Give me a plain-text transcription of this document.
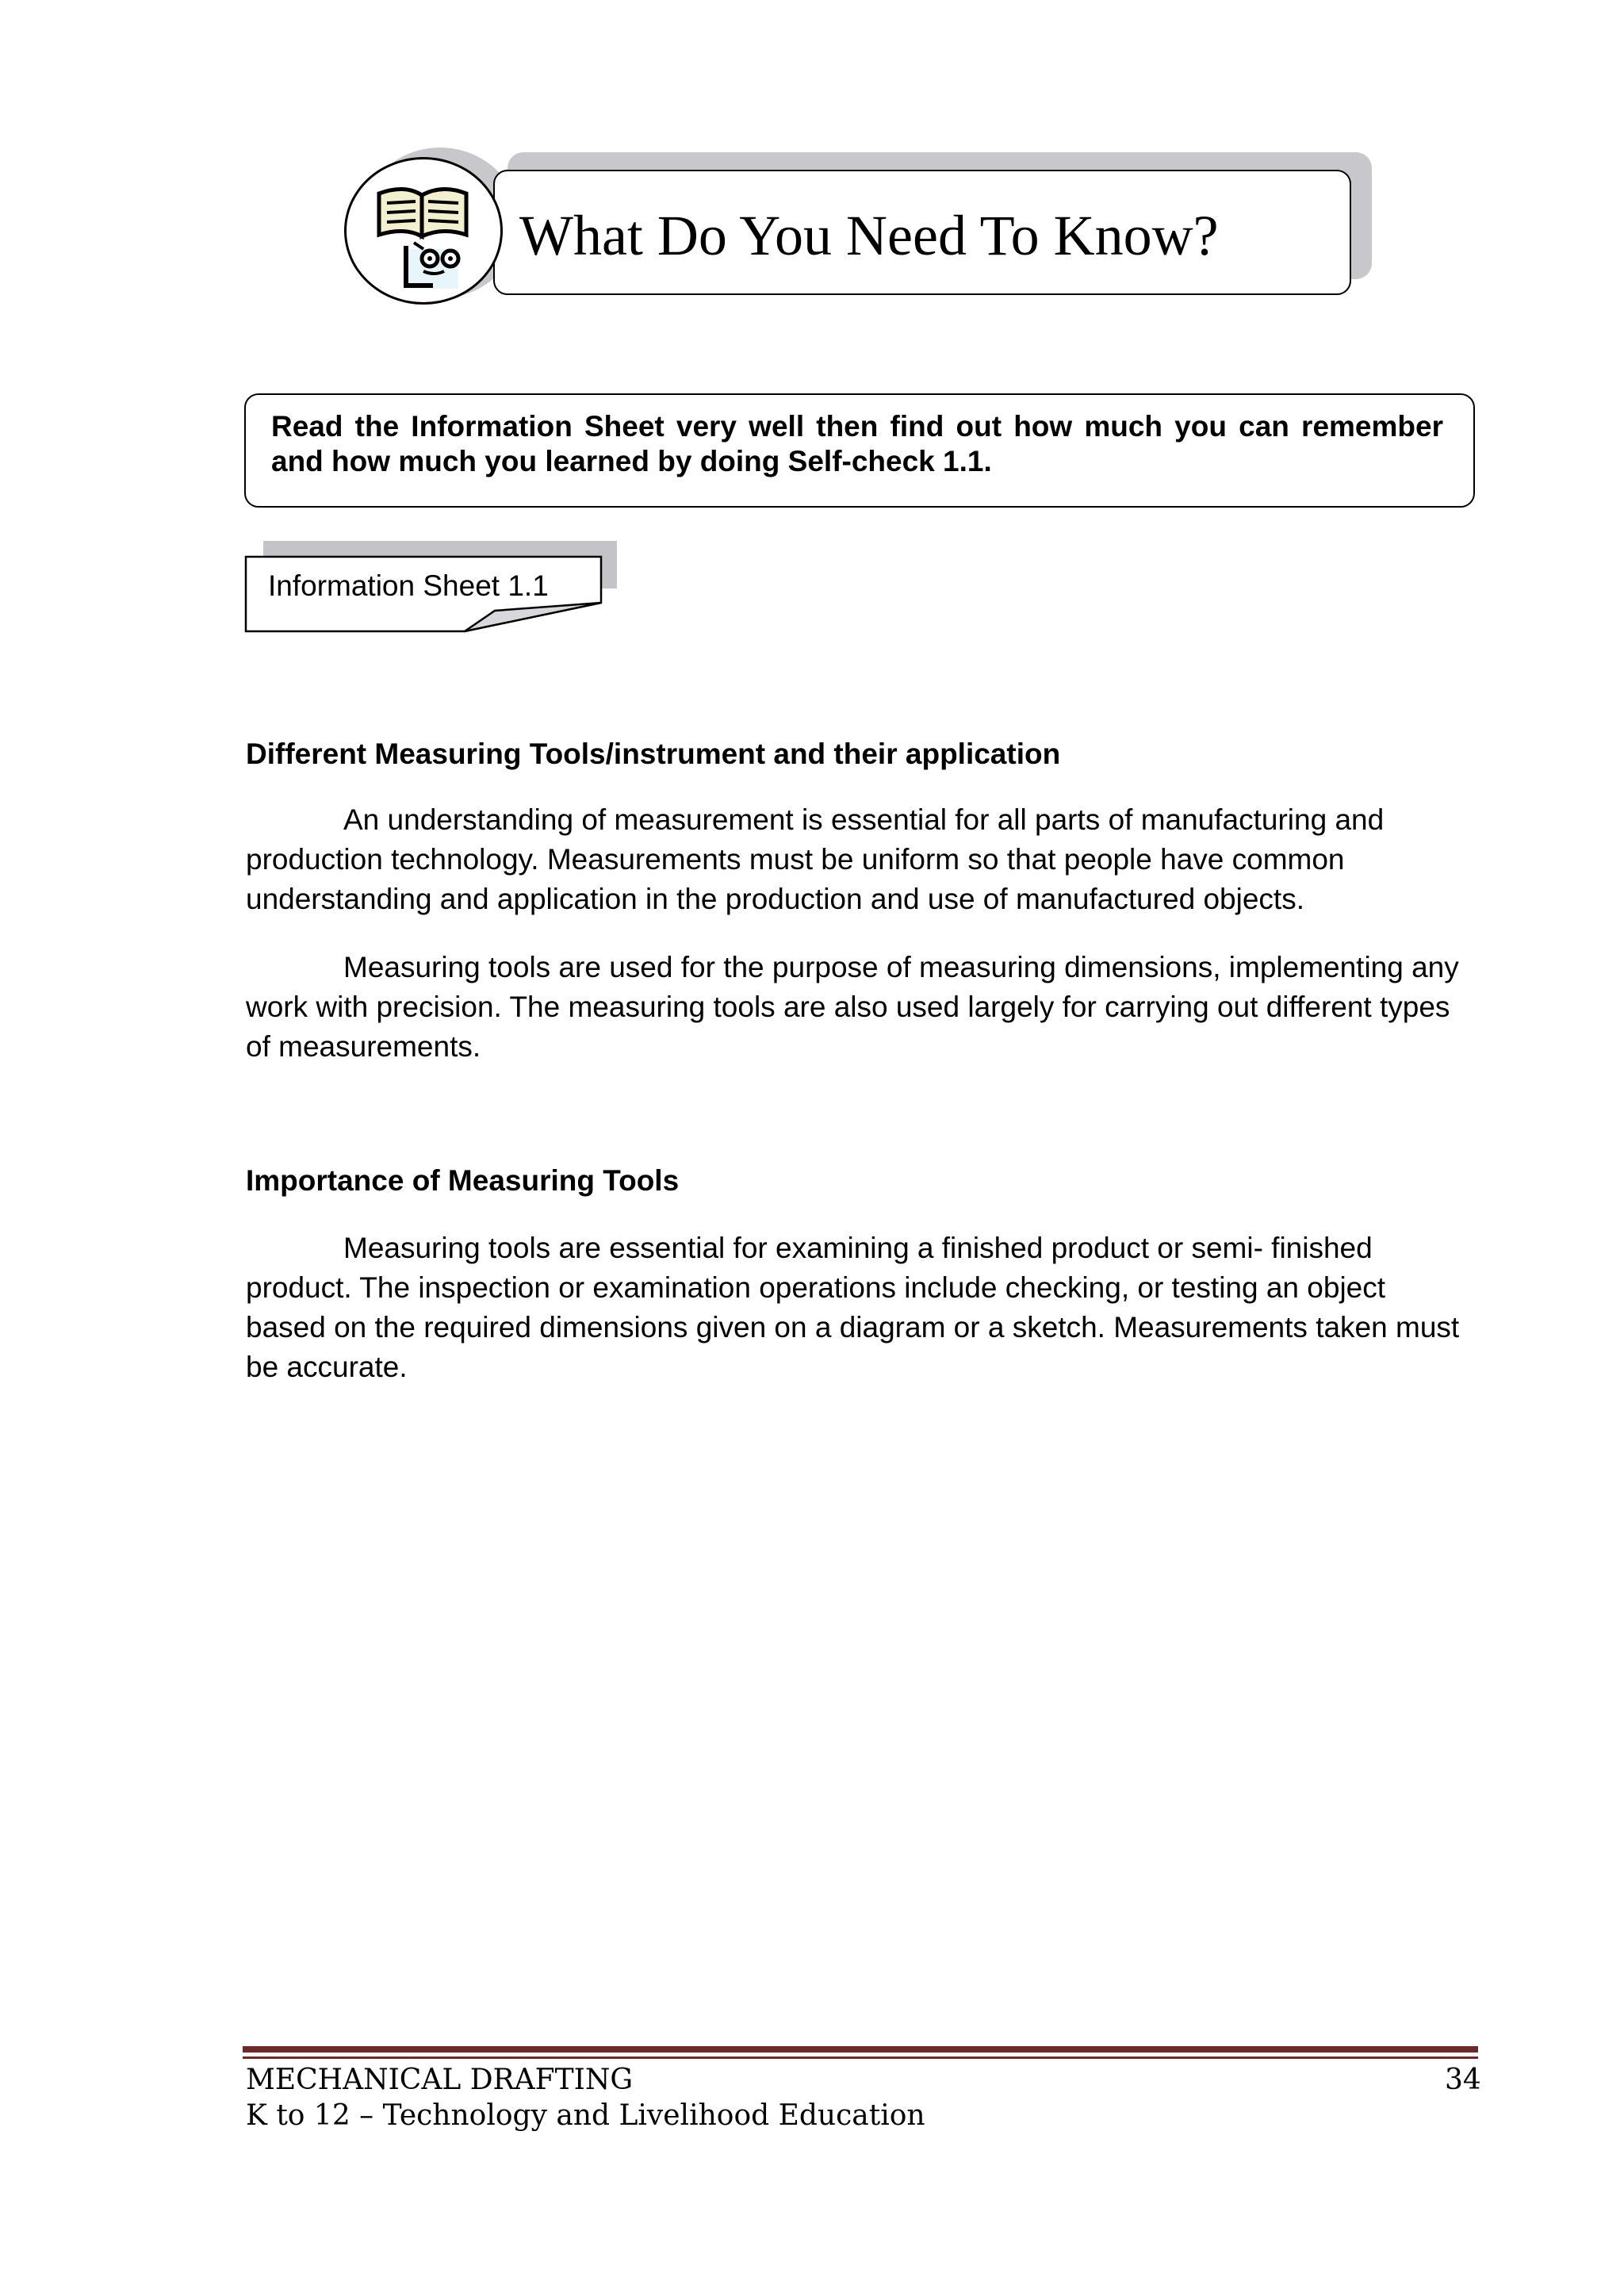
What Do You Need To Know?
Read the Information Sheet very well then find out how much you can remember and how much you learned by doing Self-check 1.1.
Information Sheet 1.1
Different Measuring Tools/instrument and their application
An understanding of measurement is essential for all parts of manufacturing and production technology. Measurements must be uniform so that people have common understanding and application in the production and use of manufactured objects.
Measuring tools are used for the purpose of measuring dimensions, implementing any work with precision. The measuring tools are also used largely for carrying out different types of measurements.
Importance of Measuring Tools
Measuring tools are essential for examining a finished product or semi- finished product. The inspection or examination operations include checking, or testing an object based on the required dimensions given on a diagram or a sketch. Measurements taken must be accurate.
MECHANICAL DRAFTING
K to 12 – Technology and Livelihood Education
34
